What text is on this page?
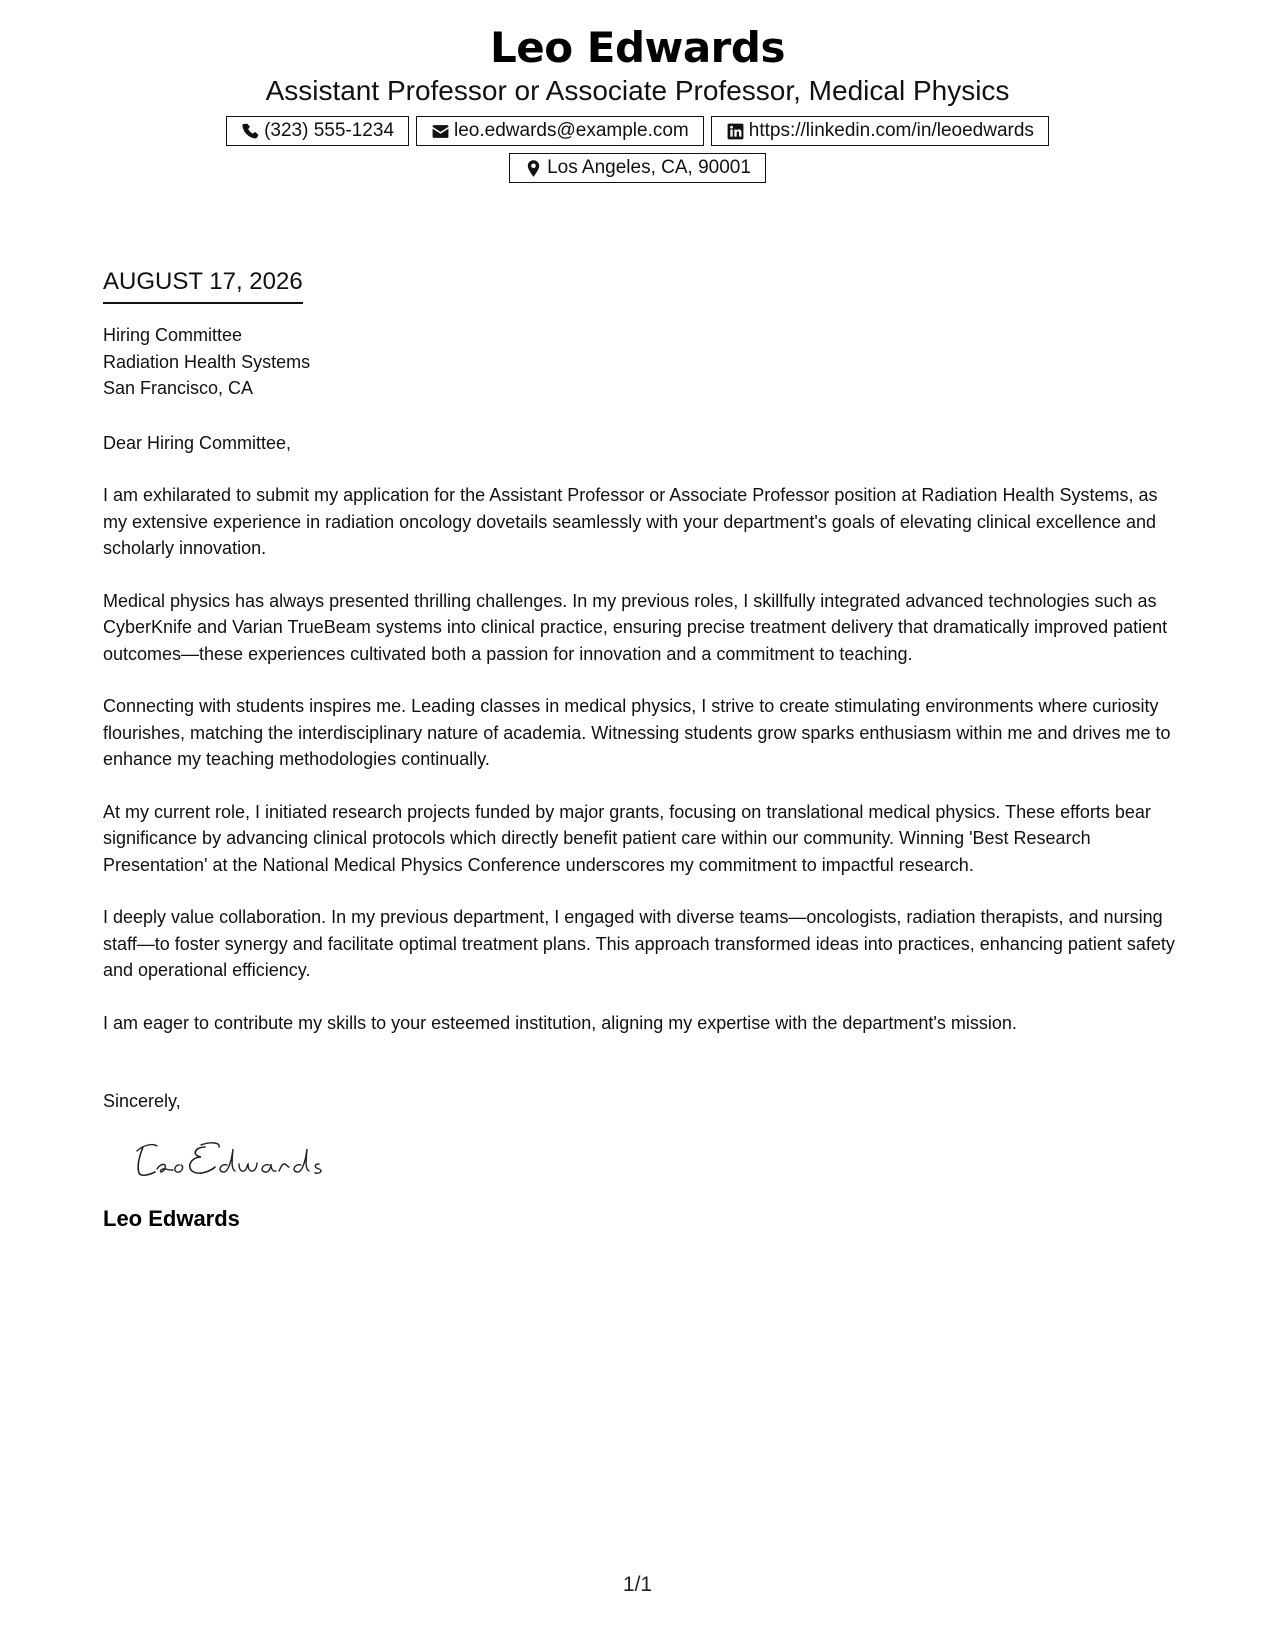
Leo Edwards
Assistant Professor or Associate Professor, Medical Physics
(323) 555-1234	leo.edwards@example.com	https://linkedin.com/in/leoedwards
Los Angeles, CA, 90001
AUGUST 17, 2026
Hiring Committee
Radiation Health Systems
San Francisco, CA
Dear Hiring Committee,
I am exhilarated to submit my application for the Assistant Professor or Associate Professor position at Radiation Health Systems, as my extensive experience in radiation oncology dovetails seamlessly with your department's goals of elevating clinical excellence and scholarly innovation.
Medical physics has always presented thrilling challenges. In my previous roles, I skillfully integrated advanced technologies such as CyberKnife and Varian TrueBeam systems into clinical practice, ensuring precise treatment delivery that dramatically improved patient outcomes—these experiences cultivated both a passion for innovation and a commitment to teaching.
Connecting with students inspires me. Leading classes in medical physics, I strive to create stimulating environments where curiosity flourishes, matching the interdisciplinary nature of academia. Witnessing students grow sparks enthusiasm within me and drives me to enhance my teaching methodologies continually.
At my current role, I initiated research projects funded by major grants, focusing on translational medical physics. These efforts bear significance by advancing clinical protocols which directly benefit patient care within our community. Winning 'Best Research Presentation' at the National Medical Physics Conference underscores my commitment to impactful research.
I deeply value collaboration. In my previous department, I engaged with diverse teams—oncologists, radiation therapists, and nursing staff—to foster synergy and facilitate optimal treatment plans. This approach transformed ideas into practices, enhancing patient safety and operational efficiency.
I am eager to contribute my skills to your esteemed institution, aligning my expertise with the department's mission.
Sincerely,
Leo Edwards
1/1
